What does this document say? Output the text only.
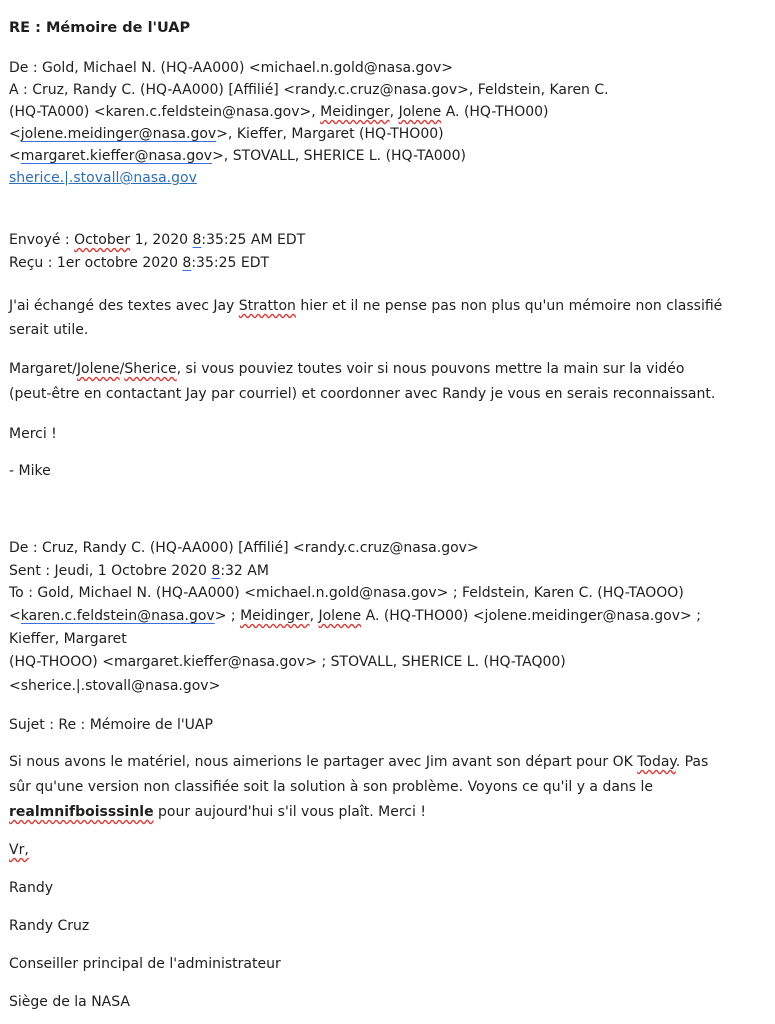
RE : Mémoire de l'UAP
De : Gold, Michael N. (HQ-AA000) <michael.n.gold@nasa.gov>
A : Cruz, Randy C. (HQ-AA000) [Affilié] <randy.c.cruz@nasa.gov>, Feldstein, Karen C.
(HQ-TA000) <karen.c.feldstein@nasa.gov>, Meidinger, Jolene A. (HQ-THO00)
<jolene.meidinger@nasa.gov>, Kieffer, Margaret (HQ-THO00)
<margaret.kieffer@nasa.gov>, STOVALL, SHERICE L. (HQ-TA000)
sherice.|.stovall@nasa.gov
Envoyé : October 1, 2020 8:35:25 AM EDT
Reçu : 1er octobre 2020 8:35:25 EDT
J'ai échangé des textes avec Jay Stratton hier et il ne pense pas non plus qu'un mémoire non classifié
serait utile.
Margaret/Jolene/Sherice, si vous pouviez toutes voir si nous pouvons mettre la main sur la vidéo
(peut-être en contactant Jay par courriel) et coordonner avec Randy je vous en serais reconnaissant.
Merci !
- Mike
De : Cruz, Randy C. (HQ-AA000) [Affilié] <randy.c.cruz@nasa.gov>
Sent : Jeudi, 1 Octobre 2020 8:32 AM
To : Gold, Michael N. (HQ-AA000) <michael.n.gold@nasa.gov> ; Feldstein, Karen C. (HQ-TAOOO)
<karen.c.feldstein@nasa.gov> ; Meidinger, Jolene A. (HQ-THO00) <jolene.meidinger@nasa.gov> ;
Kieffer, Margaret
(HQ-THOOO) <margaret.kieffer@nasa.gov> ; STOVALL, SHERICE L. (HQ-TAQ00)
<sherice.|.stovall@nasa.gov>
Sujet : Re : Mémoire de l'UAP
Si nous avons le matériel, nous aimerions le partager avec Jim avant son départ pour OK Today. Pas
sûr qu'une version non classifiée soit la solution à son problème. Voyons ce qu'il y a dans le
realmnifboisssinle pour aujourd'hui s'il vous plaît. Merci !
Vr,
Randy
Randy Cruz
Conseiller principal de l'administrateur
Siège de la NASA
